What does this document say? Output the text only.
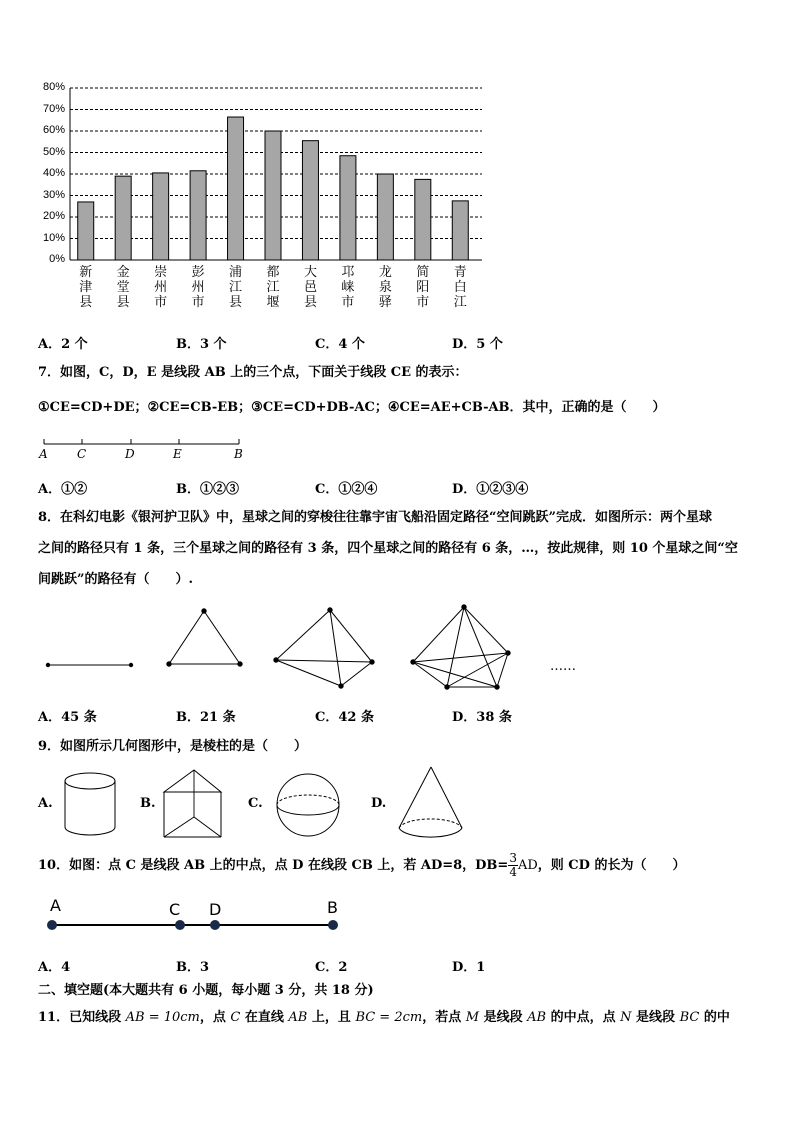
0%
10%
20%
30%
40%
50%
60%
70%
80%
新
津
县
金
堂
县
崇
州
市
彭
州
市
浦
江
县
都
江
堰
大
邑
县
邛
崃
市
龙
泉
驿
简
阳
市
青
白
江
A．2 个	B．3 个	C．4 个	D．5 个
7．如图，C，D，E 是线段 AB 上的三个点，下面关于线段 CE 的表示：
①CE=CD+DE；②CE=CB-EB；③CE=CD+DB-AC；④CE=AE+CB-AB．其中，正确的是（　　）
A C	D	E	B
A．①②	B．①②③	C．①②④	D．①②③④
8．在科幻电影《银河护卫队》中，星球之间的穿梭往往靠宇宙飞船沿固定路径“空间跳跃”完成．如图所示：两个星球
之间的路径只有 1 条，三个星球之间的路径有 3 条，四个星球之间的路径有 6 条，…，按此规律，则 10 个星球之间“空
间跳跃”的路径有（　　）.
……
A．45 条	B．21 条	C．42 条	D．38 条
9．如图所示几何图形中，是棱柱的是（　　）
A.	B.	C.	D.
10．如图：点 C 是线段 AB 上的中点，点 D 在线段 CB 上，若 AD=8，$DB= \frac{3}{4}$ AD，则 CD 的长为（　　）
A	C D	B
A．4	B．3	C．2	D．1
二、填空题(本大题共有 6 小题，每小题 3 分，共 18 分)
11．已知线段 AB = 10cm，点 C 在直线 AB 上，且 BC = 2cm，若点 M 是线段 AB 的中点，点 N 是线段 BC 的中
